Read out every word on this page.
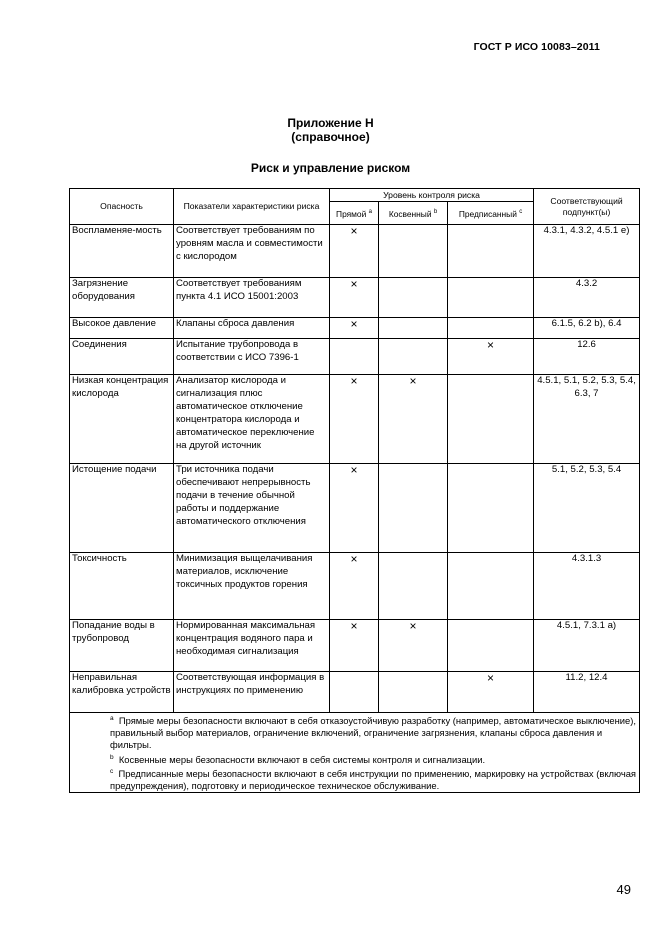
ГОСТ Р ИСО 10083–2011
Приложение Н
(справочное)
Риск и управление риском
Опасность	Показатели характеристики риска	Уровень контроля риска			Соответствующий подпункт(ы)
		Прямой $^a$	Косвенный $^b$	Предписанный $^c$
Воспламеняе-мость	Соответствует требованиям по уровням масла и совместимости с кислородом	×			4.3.1, 4.3.2, 4.5.1 e)
Загрязнение оборудования	Соответствует требованиям пункта 4.1 ИСО 15001:2003	×			4.3.2
Высокое давление	Клапаны сброса давления	×			6.1.5, 6.2 b), 6.4
Соединения	Испытание трубопровода в соответствии с ИСО 7396-1			×	12.6
Низкая концентрация кислорода	Анализатор кислорода и сигнализация плюс автоматическое отключение концентратора кислорода и автоматическое переключение на другой источник	×	×		4.5.1, 5.1, 5.2, 5.3, 5.4, 6.3, 7
Истощение подачи	Три источника подачи обеспечивают непрерывность подачи в течение обычной работы и поддержание автоматического отключения	×			5.1, 5.2, 5.3, 5.4
Токсичность	Минимизация выщелачивания материалов, исключение токсичных продуктов горения	×			4.3.1.3
Попадание воды в трубопровод	Нормированная максимальная концентрация водяного пара и необходимая сигнализация	×	×		4.5.1, 7.3.1 a)
Неправильная калибровка устройств	Соответствующая информация в инструкциях по применению			×	11.2, 12.4

$^a$ Прямые меры безопасности включают в себя отказоустойчивую разработку (например, автоматическое выключение), правильный выбор материалов, ограничение включений, ограничение загрязнения, клапаны сброса давления и фильтры.

$^b$ Косвенные меры безопасности включают в себя системы контроля и сигнализации.

$^c$ Предписанные меры безопасности включают в себя инструкции по применению, маркировку на устройствах (включая предупреждения), подготовку и периодическое техническое обслуживание.					

49
